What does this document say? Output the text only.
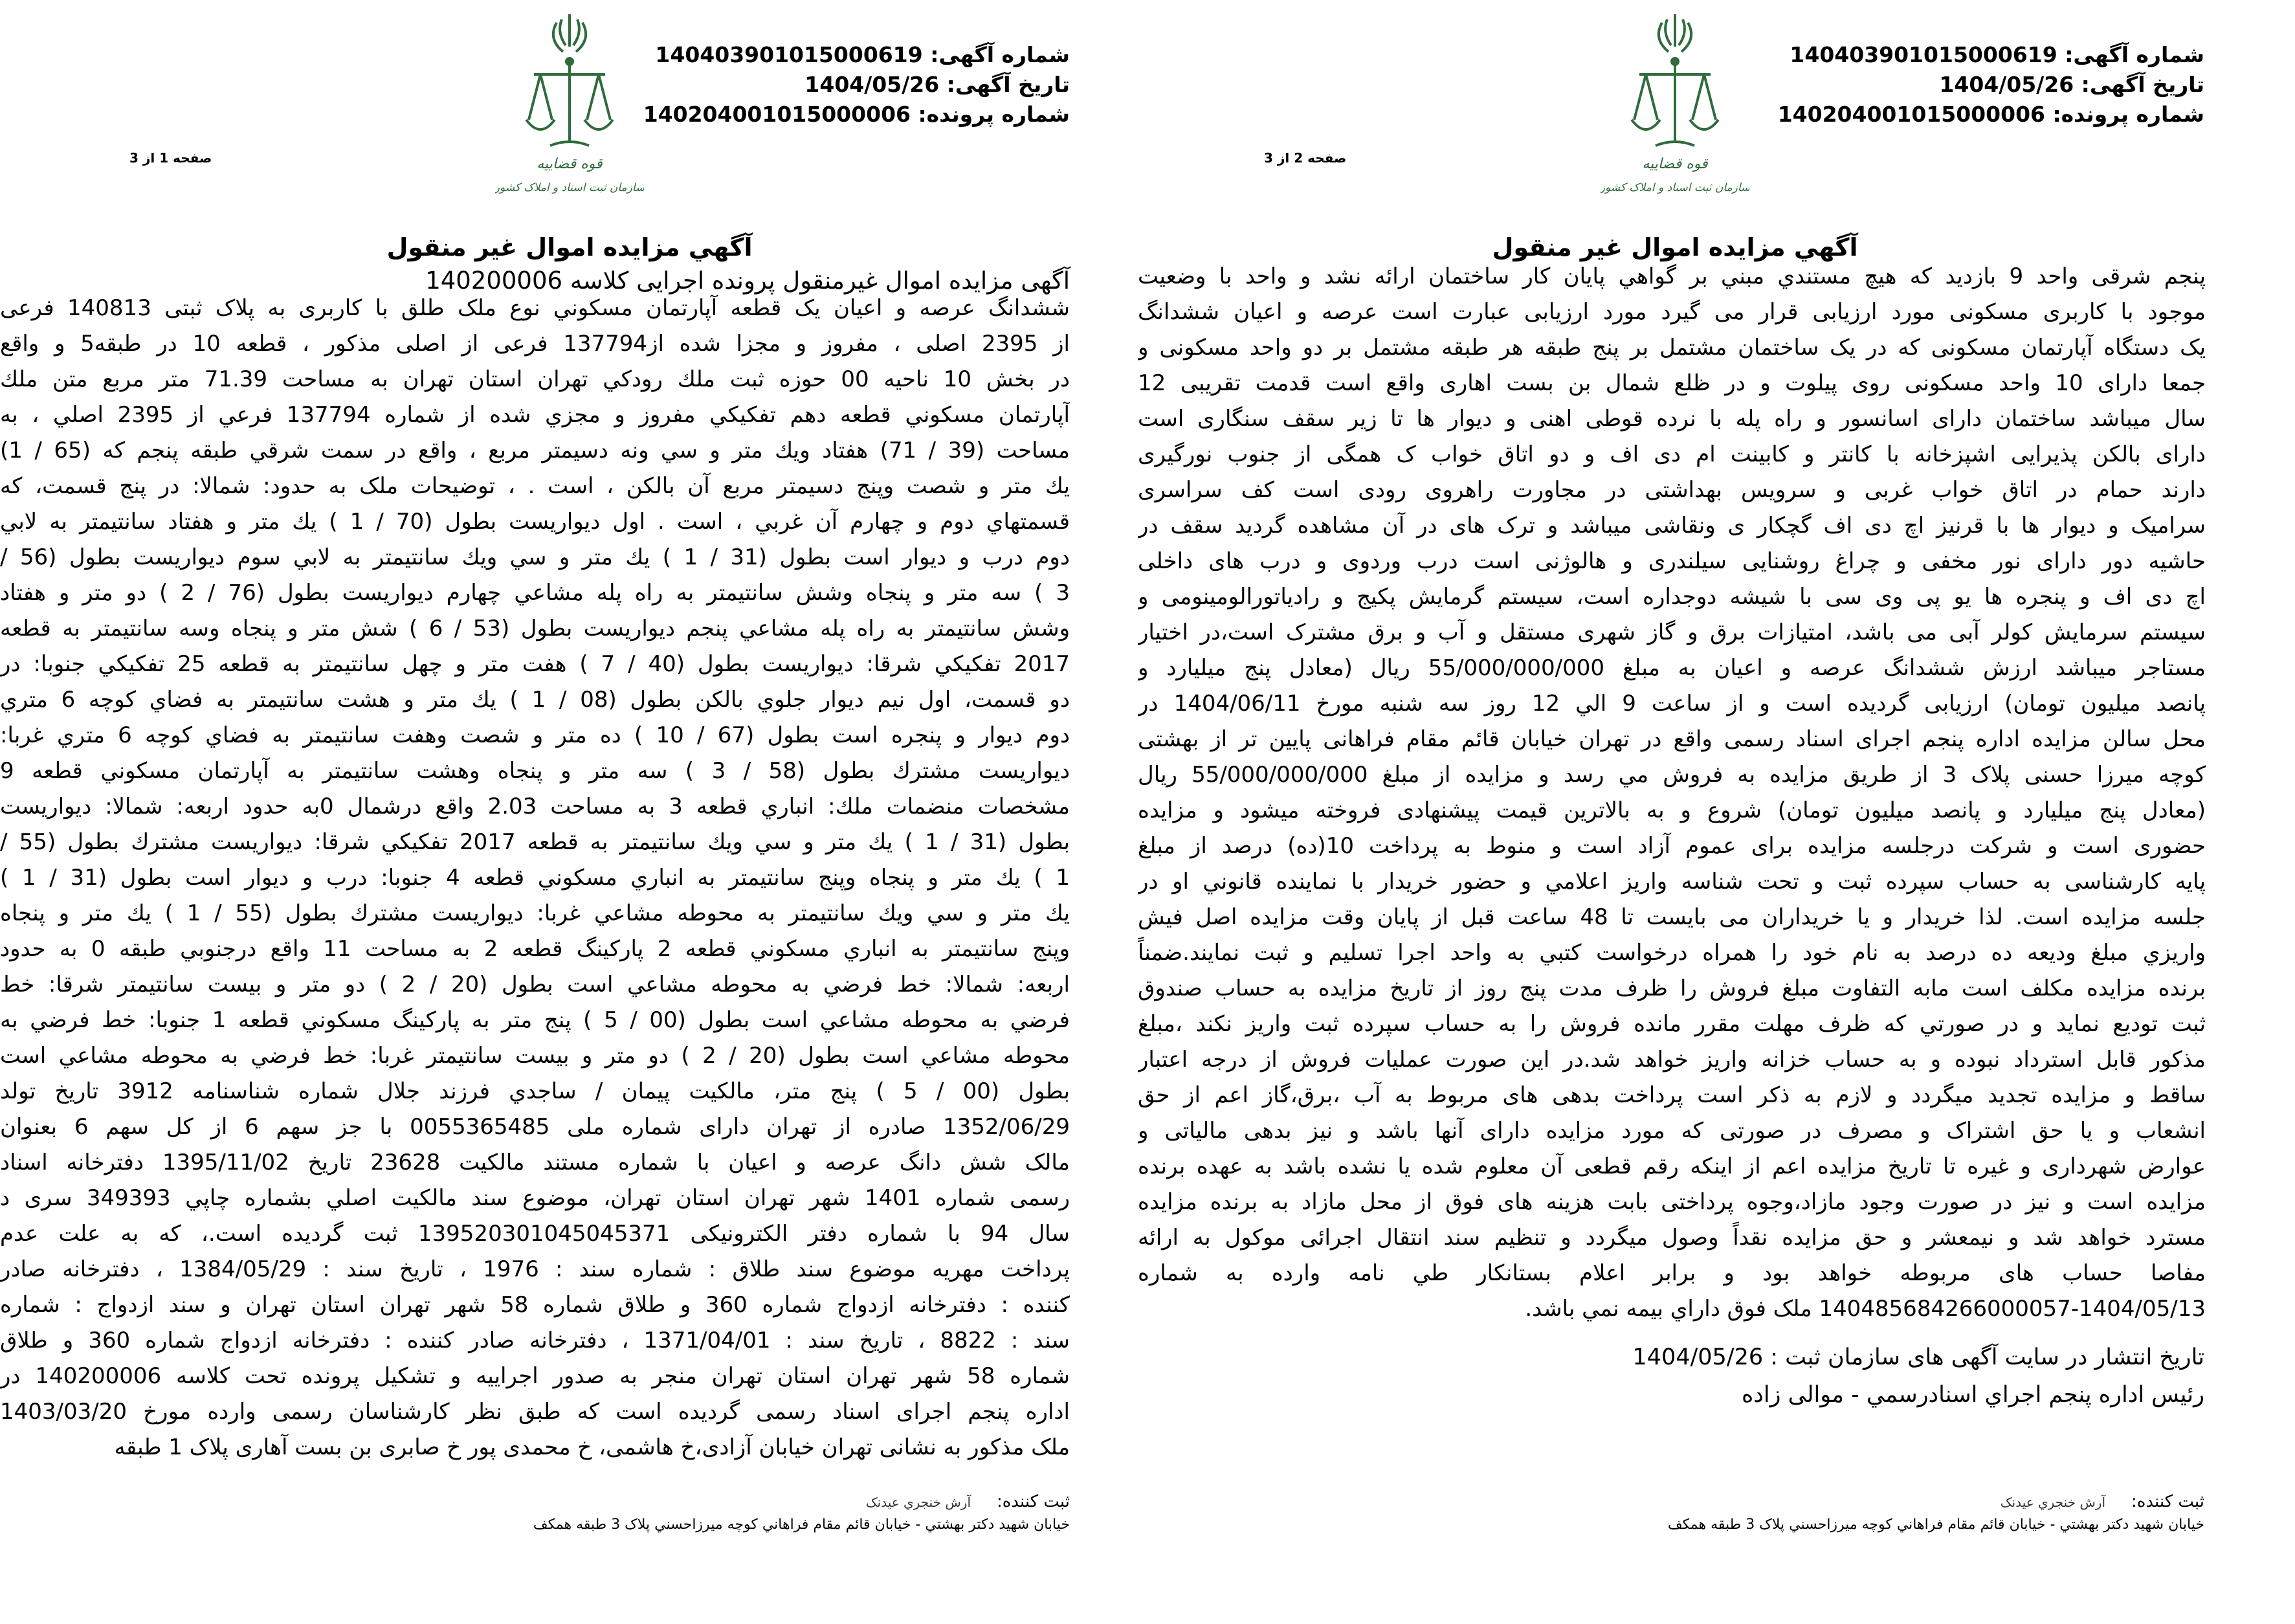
شماره آگهی: 140403901015000619
تاریخ آگهی: 1404/05/26
شماره پرونده: 140204001015000006
صفحه 2 از 3
آگهي مزایده اموال غیر منقول
پنجم شرقی واحد 9 بازدید که هیچ مستندي مبني بر گواهي پایان کار ساختمان ارائه نشد و واحد با وضعیت
موجود با کاربری مسکونی مورد ارزیابی قرار می گیرد مورد ارزیابی عبارت است عرصه و اعیان ششدانگ
یک دستگاه آپارتمان مسکونی که در یک ساختمان مشتمل بر پنج طبقه هر طبقه مشتمل بر دو واحد مسکونی و
جمعا دارای 10 واحد مسکونی روی پیلوت و در ظلع شمال بن بست اهاری واقع است قدمت تقریبی 12
سال میباشد ساختمان دارای اسانسور و راه پله با نرده قوطی اهنی و دیوار ها تا زیر سقف سنگاری است
دارای بالکن پذیرایی اشپزخانه با کانتر و کابینت ام دی اف و دو اتاق خواب ک همگی از جنوب نورگیری
دارند حمام در اتاق خواب غربی و سرویس بهداشتی در مجاورت راهروی رودی است کف سراسری
سرامیک و دیوار ها با قرنیز اچ دی اف گچکار ی ونقاشی میباشد و ترک های در آن مشاهده گردید سقف در
حاشیه دور دارای نور مخفی و چراغ روشنایی سیلندری و هالوژنی است درب وردوی و درب های داخلی
اچ دی اف و پنجره ها یو پی وی سی با شیشه دوجداره است، سیستم گرمایش پکیج و رادیاتورالومینومی و
سیستم سرمایش کولر آبی می باشد، امتیازات برق و گاز شهری مستقل و آب و برق مشترک است،در اختیار
مستاجر میباشد ارزش ششدانگ عرصه و اعیان به مبلغ 55/000/000/000 ریال (معادل پنج میلیارد و
پانصد میلیون تومان) ارزیابی گردیده است و از ساعت 9 الي 12 روز سه شنبه مورخ 1404/06/11 در
محل سالن مزایده اداره پنجم اجرای اسناد رسمی واقع در تهران خیابان قائم مقام فراهانی پایین تر از بهشتی
کوچه میرزا حسنی پلاک 3 از طریق مزایده به فروش مي رسد و مزایده از مبلغ 55/000/000/000 ریال
(معادل پنج میلیارد و پانصد میلیون تومان) شروع و به بالاترین قیمت پیشنهادی فروخته میشود و مزایده
حضوری است و شرکت درجلسه مزایده برای عموم آزاد است و منوط به پرداخت 10(ده) درصد از مبلغ
پایه کارشناسی به حساب سپرده ثبت و تحت شناسه واریز اعلامي و حضور خریدار با نماینده قانوني او در
جلسه مزایده است. لذا خریدار و یا خریداران می بایست تا 48 ساعت قبل از پایان وقت مزایده اصل فیش
واریزي مبلغ ودیعه ده درصد به نام خود را همراه درخواست کتبي به واحد اجرا تسلیم و ثبت نمایند.ضمناً
برنده مزایده مکلف است مابه التفاوت مبلغ فروش را ظرف مدت پنج روز از تاریخ مزایده به حساب صندوق
ثبت تودیع نماید و در صورتي که ظرف مهلت مقرر مانده فروش را به حساب سپرده ثبت واریز نکند ،مبلغ
مذکور قابل استرداد نبوده و به حساب خزانه واریز خواهد شد.در این صورت عملیات فروش از درجه اعتبار
ساقط و مزایده تجدید میگردد و لازم به ذکر است پرداخت بدهی های مربوط به آب ،برق،گاز اعم از حق
انشعاب و یا حق اشتراک و مصرف در صورتی که مورد مزایده دارای آنها باشد و نیز بدهی مالیاتی و
عوارض شهرداری و غیره تا تاریخ مزایده اعم از اینکه رقم قطعی آن معلوم شده یا نشده باشد به عهده برنده
مزایده است و نیز در صورت وجود مازاد،وجوه پرداختی بابت هزینه های فوق از محل مازاد به برنده مزایده
مسترد خواهد شد و نیمعشر و حق مزایده نقداً وصول میگردد و تنظیم سند انتقال اجرائی موکول به ارائه
مفاصا حساب های مربوطه خواهد بود و برابر اعلام بستانکار طي نامه وارده به شماره
140485684266000057-1404/05/13 ملک فوق داراي بیمه نمي باشد.
تاریخ انتشار در سایت آگهی های سازمان ثبت : 1404/05/26
رئیس اداره پنجم اجراي اسنادرسمي - موالی زاده
ثبت کننده:آرش خنجري عیدنک
خیابان شهید دکتر بهشتي - خیابان قائم مقام فراهاني کوچه میرزاحسني پلاک 3 طبقه همکف
شماره آگهی: 140403901015000619
تاریخ آگهی: 1404/05/26
شماره پرونده: 140204001015000006
صفحه 1 از 3
آگهي مزایده اموال غیر منقول
آگهی مزایده اموال غیرمنقول پرونده اجرایی کلاسه 140200006
ششدانگ عرصه و اعیان یک قطعه آپارتمان مسکوني نوع ملک طلق با کاربری به پلاک ثبتی 140813 فرعی
از 2395 اصلی ، مفروز و مجزا شده از137794 فرعی از اصلی مذکور ، قطعه 10 در طبقه5 و واقع
در بخش 10 ناحیه 00 حوزه ثبت ملك رودكي تهران استان تهران به مساحت 71.39 متر مربع متن ملك
آپارتمان مسكوني قطعه دهم تفكيكي مفروز و مجزي شده از شماره 137794 فرعي از 2395 اصلي ، به
مساحت (39 / 71) هفتاد ویك متر و سي ونه دسيمتر مربع ، واقع در سمت شرقي طبقه پنجم كه (65 / 1)
يك متر و شصت وپنج دسيمتر مربع آن بالكن ، است . ، توضيحات ملک به حدود: شمالا: در پنج قسمت، كه
قسمتهاي دوم و چهارم آن غربي ، است . اول ديواريست بطول (70 / 1 ) يك متر و هفتاد سانتيمتر به لابي
دوم درب و ديوار است بطول (31 / 1 ) يك متر و سي ويك سانتيمتر به لابي سوم ديواريست بطول (56 /
3 ) سه متر و پنجاه وشش سانتيمتر به راه پله مشاعي چهارم ديواريست بطول (76 / 2 ) دو متر و هفتاد
وشش سانتيمتر به راه پله مشاعي پنجم ديواريست بطول (53 / 6 ) شش متر و پنجاه وسه سانتيمتر به قطعه
2017 تفكيكي شرقا: ديواريست بطول (40 / 7 ) هفت متر و چهل سانتيمتر به قطعه 25 تفكيكي جنوبا: در
دو قسمت، اول نيم ديوار جلوي بالكن بطول (08 / 1 ) يك متر و هشت سانتيمتر به فضاي كوچه 6 متري
دوم ديوار و پنجره است بطول (67 / 10 ) ده متر و شصت وهفت سانتيمتر به فضاي كوچه 6 متري غربا:
ديواريست مشترك بطول (58 / 3 ) سه متر و پنجاه وهشت سانتيمتر به آپارتمان مسكوني قطعه 9
مشخصات منضمات ملك: انباري قطعه 3 به مساحت 2.03 واقع درشمال 0به حدود اربعه: شمالا: ديواريست
بطول (31 / 1 ) يك متر و سي ويك سانتيمتر به قطعه 2017 تفكيكي شرقا: ديواريست مشترك بطول (55 /
1 ) يك متر و پنجاه وپنج سانتيمتر به انباري مسكوني قطعه 4 جنوبا: درب و ديوار است بطول (31 / 1 )
يك متر و سي ويك سانتيمتر به محوطه مشاعي غربا: ديواريست مشترك بطول (55 / 1 ) يك متر و پنجاه
وپنج سانتيمتر به انباري مسكوني قطعه 2 پاركينگ قطعه 2 به مساحت 11 واقع درجنوبي طبقه 0 به حدود
اربعه: شمالا: خط فرضي به محوطه مشاعي است بطول (20 / 2 ) دو متر و بيست سانتيمتر شرقا: خط
فرضي به محوطه مشاعي است بطول (00 / 5 ) پنج متر به پاركينگ مسكوني قطعه 1 جنوبا: خط فرضي به
محوطه مشاعي است بطول (20 / 2 ) دو متر و بيست سانتيمتر غربا: خط فرضي به محوطه مشاعي است
بطول (00 / 5 ) پنج متر، مالكيت پيمان / ساجدي فرزند جلال شماره شناسنامه 3912 تاریخ تولد
1352/06/29 صادره از تهران دارای شماره ملی 0055365485 با جز سهم 6 از کل سهم 6 بعنوان
مالک شش دانگ عرصه و اعیان با شماره مستند مالکیت 23628 تاریخ 1395/11/02 دفترخانه اسناد
رسمی شماره 1401 شهر تهران استان تهران، موضوع سند مالكيت اصلي بشماره چاپي 349393 سری د
سال 94 با شماره دفتر الكترونيكى 139520301045045371 ثبت گردیده است.، كه به علت عدم
پرداخت مهریه موضوع سند طلاق : شماره سند : 1976 ، تاریخ سند : 1384/05/29 ، دفترخانه صادر
کننده : دفترخانه ازدواج شماره 360 و طلاق شماره 58 شهر تهران استان تهران و سند ازدواج : شماره
سند : 8822 ، تاریخ سند : 1371/04/01 ، دفترخانه صادر کننده : دفترخانه ازدواج شماره 360 و طلاق
شماره 58 شهر تهران استان تهران منجر به صدور اجراییه و تشکیل پرونده تحت کلاسه 140200006 در
اداره پنجم اجرای اسناد رسمی گردیده است که طبق نظر کارشناسان رسمی وارده مورخ 1403/03/20
ملک مذکور به نشانی تهران خیابان آزادی،خ هاشمی، خ محمدی پور خ صابری بن بست آهاری پلاک 1 طبقه
ثبت کننده:آرش خنجري عیدنک
خیابان شهید دکتر بهشتي - خیابان قائم مقام فراهاني کوچه میرزاحسني پلاک 3 طبقه همکف
